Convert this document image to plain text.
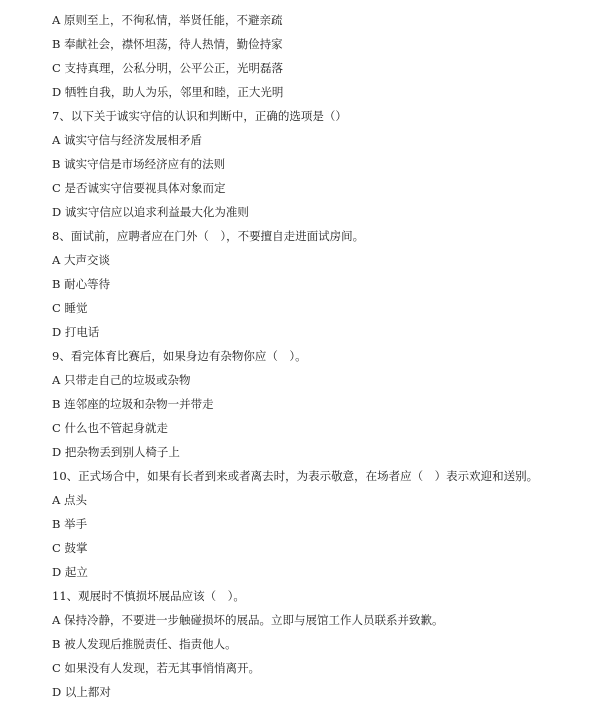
A 原则至上，不徇私情，举贤任能，不避亲疏
B 奉献社会，襟怀坦荡，待人热情，勤俭持家
C 支持真理，公私分明，公平公正，光明磊落
D 牺牲自我，助人为乐，邻里和睦，正大光明
7、以下关于诚实守信的认识和判断中，正确的选项是（）
A 诚实守信与经济发展相矛盾
B 诚实守信是市场经济应有的法则
C 是否诚实守信要视具体对象而定
D 诚实守信应以追求利益最大化为准则
8、面试前，应聘者应在门外（　），不要擅自走进面试房间。
A 大声交谈
B 耐心等待
C 睡觉
D 打电话
9、看完体育比赛后，如果身边有杂物你应（　）。
A 只带走自己的垃圾或杂物
B 连邻座的垃圾和杂物一并带走
C 什么也不管起身就走
D 把杂物丢到别人椅子上
10、正式场合中，如果有长者到来或者离去时，为表示敬意，在场者应（　）表示欢迎和送别。
A 点头
B 举手
C 鼓掌
D 起立
11、观展时不慎损坏展品应该（　）。
A 保持冷静，不要进一步触碰损坏的展品。立即与展馆工作人员联系并致歉。
B 被人发现后推脱责任、指责他人。
C 如果没有人发现，若无其事悄悄离开。
D 以上都对
